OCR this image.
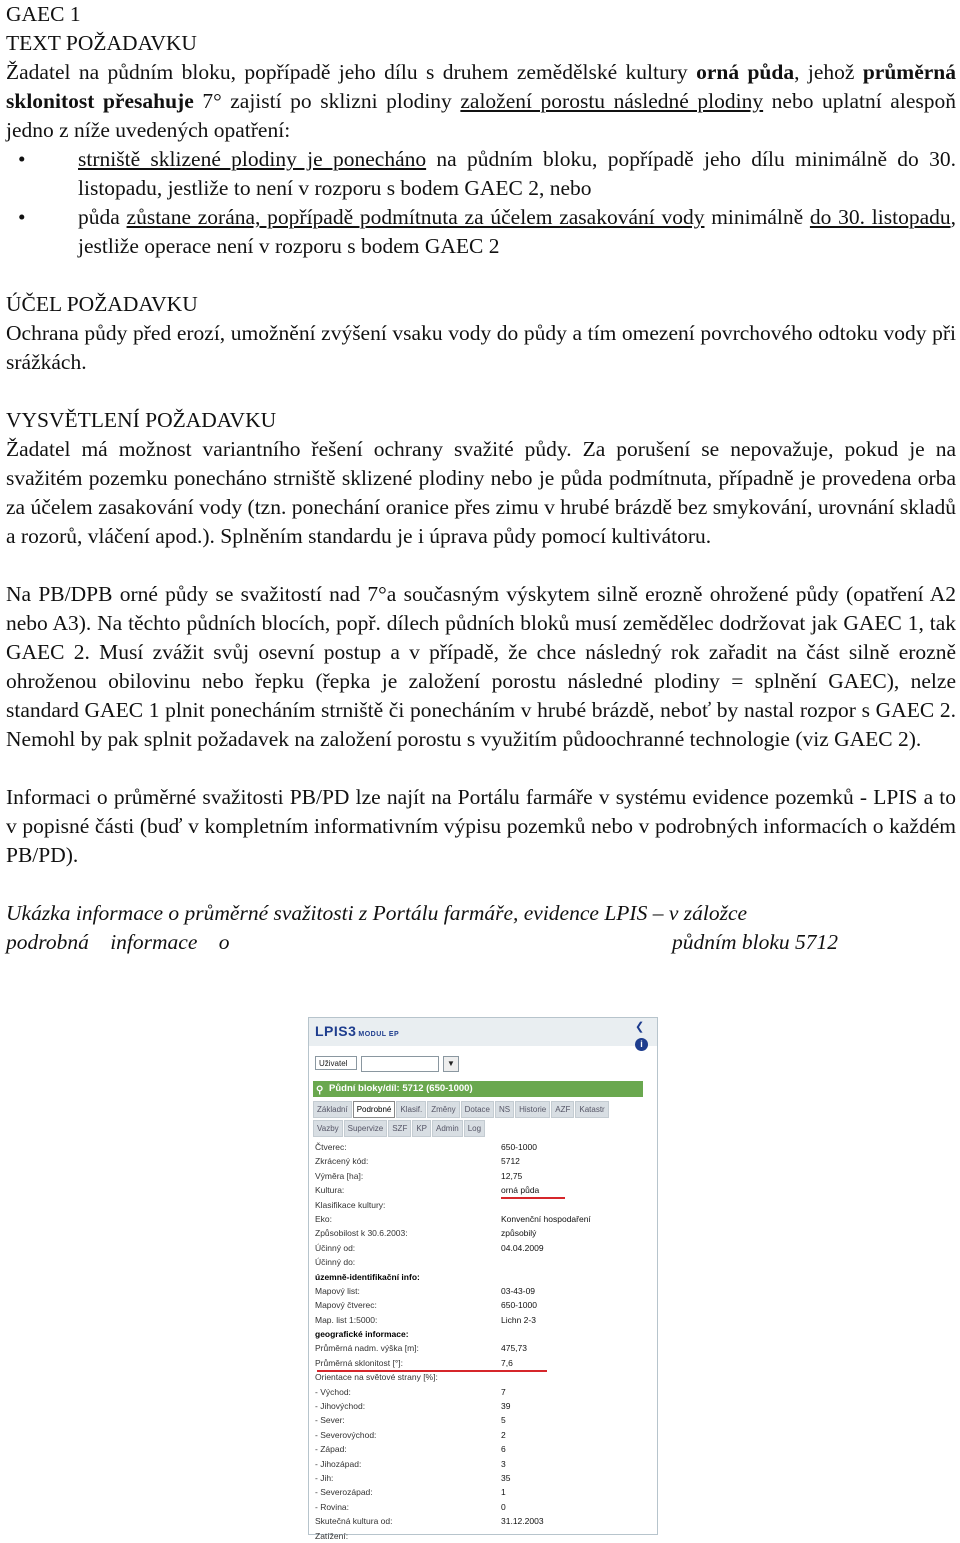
GAEC 1
TEXT POŽADAVKU

Žadatel na půdním bloku, popřípadě jeho dílu s druhem zemědělské kultury orná půda, jehož průměrná sklonitost přesahuje 7° zajistí po sklizni plodiny založení porostu následné plodiny nebo uplatní alespoň jedno z níže uvedených opatření:

•	strniště sklizené plodiny je ponecháno na půdním bloku, popřípadě jeho dílu minimálně do 30. listopadu, jestliže to není v rozporu s bodem GAEC 2, nebo
•	půda zůstane zorána, popřípadě podmítnuta za účelem zasakování vody minimálně do 30. listopadu, jestliže operace není v rozporu s bodem GAEC 2
ÚČEL POŽADAVKU

Ochrana půdy před erozí, umožnění zvýšení vsaku vody do půdy a tím omezení povrchového odtoku vody při srážkách.

VYSVĚTLENÍ POŽADAVKU

Žadatel má možnost variantního řešení ochrany svažité půdy. Za porušení se nepovažuje, pokud je na svažitém pozemku ponecháno strniště sklizené plodiny nebo je půda podmítnuta, případně je provedena orba za účelem zasakování vody (tzn. ponechání oranice přes zimu v hrubé brázdě bez smykování, urovnání skladů a rozorů, vláčení apod.). Splněním standardu je i úprava půdy pomocí kultivátoru.

Na PB/DPB orné půdy se svažitostí nad 7°a současným výskytem silně erozně ohrožené půdy (opatření A2 nebo A3). Na těchto půdních blocích, popř. dílech půdních bloků musí zemědělec dodržovat jak GAEC 1, tak GAEC 2. Musí zvážit svůj osevní postup a v případě, že chce následný rok zařadit na část silně erozně ohroženou obilovinu nebo řepku (řepka je založení porostu následné plodiny = splnění GAEC), nelze standard GAEC 1 plnit ponecháním strniště či ponecháním v hrubé brázdě, neboť by nastal rozpor s GAEC 2. Nemohl by pak splnit požadavek na založení porostu s využitím půdoochranné technologie (viz GAEC 2).

Informaci o průměrné svažitosti PB/PD lze najít na Portálu farmáře v systému evidence pozemků - LPIS a to v popisné části (buď v kompletním informativním výpisu pozemků nebo v podrobných informacích o každém PB/PD).

Ukázka informace o průměrné svažitosti z Portálu farmáře, evidence LPIS – v záložce

podrobná informace o	půdním bloku 5712
LPIS3 MODUL EP
❮
i
Uživatel	▼
⚲ Půdní bloky/díl: 5712 (650-1000)
Základní	Podrobné	Klasif.	Změny	Dotace	NS	Historie	AZF	Katastr
Vazby	Supervize	SZF	KP	Admin	Log
Čtverec:	650-1000
Zkrácený kód:	5712
Výměra [ha]:	12,75
Kultura:	orná půda
Klasifikace kultury:
Eko:	Konvenční hospodaření
Způsobilost k 30.6.2003:	způsobilý
Účinný od:	04.04.2009
Účinný do:
územně-identifikační info:
Mapový list:	03-43-09
Mapový čtverec:	650-1000
Map. list 1:5000:	Lichn 2-3
geografické informace:
Průměrná nadm. výška [m]:	475,73
Průměrná sklonitost [°]:	7,6
Orientace na světové strany [%]:
- Východ:	7
- Jihovýchod:	39
- Sever:	5
- Severovýchod:	2
- Západ:	6
- Jihozápad:	3
- Jih:	35
- Severozápad:	1
- Rovina:	0
Skutečná kultura od:	31.12.2003
Zatížení:
